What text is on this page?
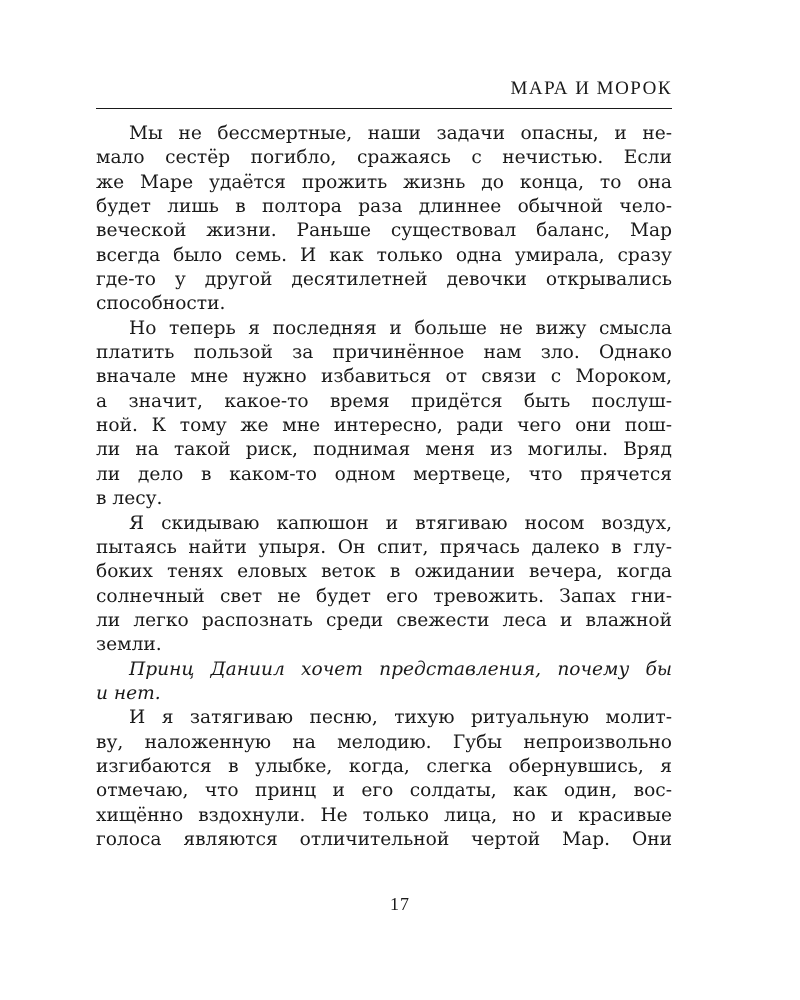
МАРА И МОРОК
Мы не бессмертные, наши задачи опасны, и не-
мало сестёр погибло, сражаясь с нечистью. Если
же Маре удаётся прожить жизнь до конца, то она
будет лишь в полтора раза длиннее обычной чело-
веческой жизни. Раньше существовал баланс, Мар
всегда было семь. И как только одна умирала, сразу
где-то у другой десятилетней девочки открывались
способности.
Но теперь я последняя и больше не вижу смысла
платить пользой за причинённое нам зло. Однако
вначале мне нужно избавиться от связи с Мороком,
а значит, какое-то время придётся быть послуш-
ной. К тому же мне интересно, ради чего они пош-
ли на такой риск, поднимая меня из могилы. Вряд
ли дело в каком-то одном мертвеце, что прячется
в лесу.
Я скидываю капюшон и втягиваю носом воздух,
пытаясь найти упыря. Он спит, прячась далеко в глу-
боких тенях еловых веток в ожидании вечера, когда
солнечный свет не будет его тревожить. Запах гни-
ли легко распознать среди свежести леса и влажной
земли.
Принц Даниил хочет представления, почему бы
и нет.
И я затягиваю песню, тихую ритуальную молит-
ву, наложенную на мелодию. Губы непроизвольно
изгибаются в улыбке, когда, слегка обернувшись, я
отмечаю, что принц и его солдаты, как один, вос-
хищённо вздохнули. Не только лица, но и красивые
голоса являются отличительной чертой Мар. Они
17
